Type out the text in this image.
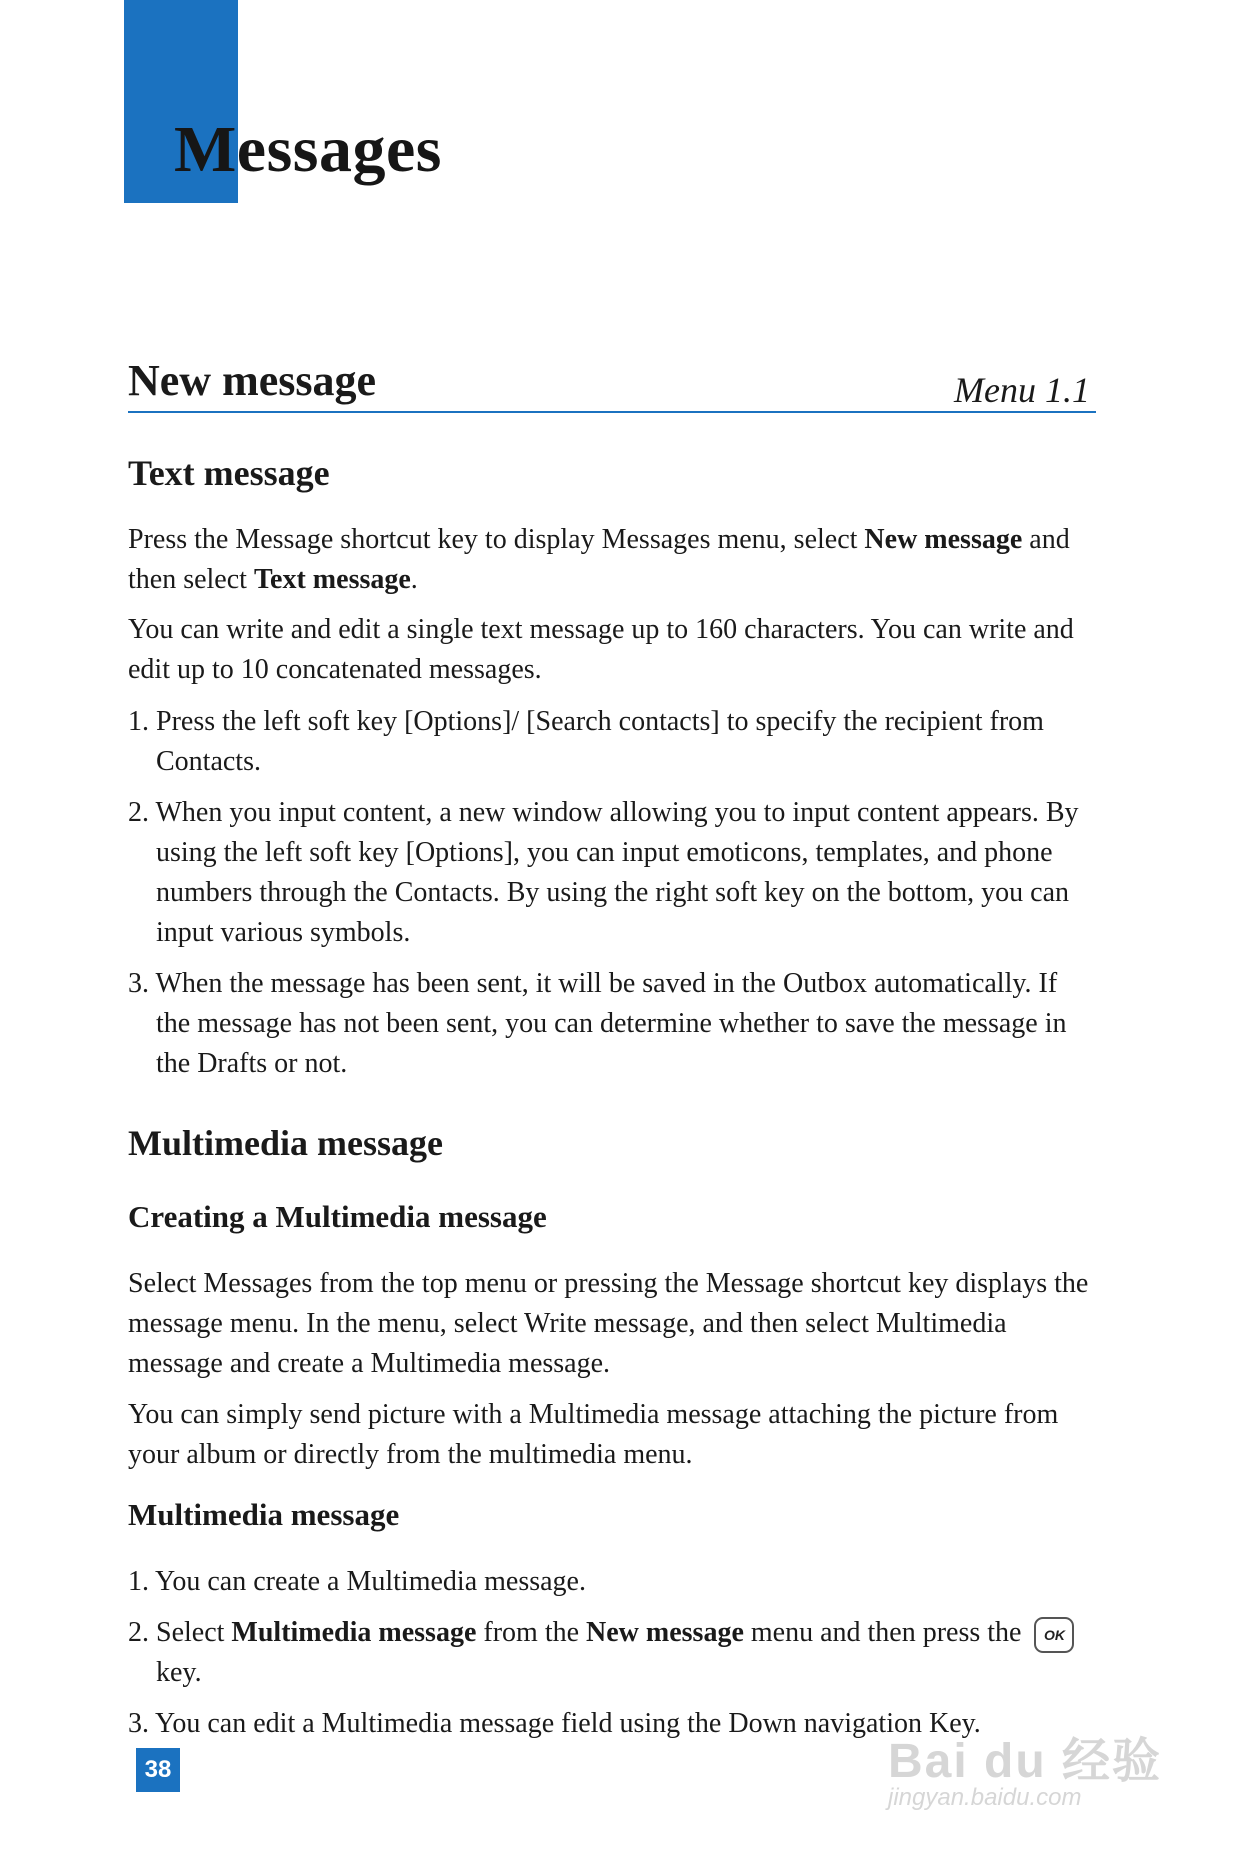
Messages
New message	Menu 1.1
Text message
Press the Message shortcut key to display Messages menu, select New message and then select Text message.
You can write and edit a single text message up to 160 characters. You can write and edit up to 10 concatenated messages.
1. Press the left soft key [Options]/ [Search contacts] to specify the recipient from Contacts.
2. When you input content, a new window allowing you to input content appears. By using the left soft key [Options], you can input emoticons, templates, and phone numbers through the Contacts. By using the right soft key on the bottom, you can input various symbols.
3. When the message has been sent, it will be saved in the Outbox automatically. If the message has not been sent, you can determine whether to save the message in the Drafts or not.
Multimedia message
Creating a Multimedia message
Select Messages from the top menu or pressing the Message shortcut key displays the message menu. In the menu, select Write message, and then select Multimedia message and create a Multimedia message.
You can simply send picture with a Multimedia message attaching the picture from your album or directly from the multimedia menu.
Multimedia message
1. You can create a Multimedia message.
2. Select Multimedia message from the New message menu and then press the OK key.
3. You can edit a Multimedia message field using the Down navigation Key.
38	Bai du 经验
jingyan.baidu.com
